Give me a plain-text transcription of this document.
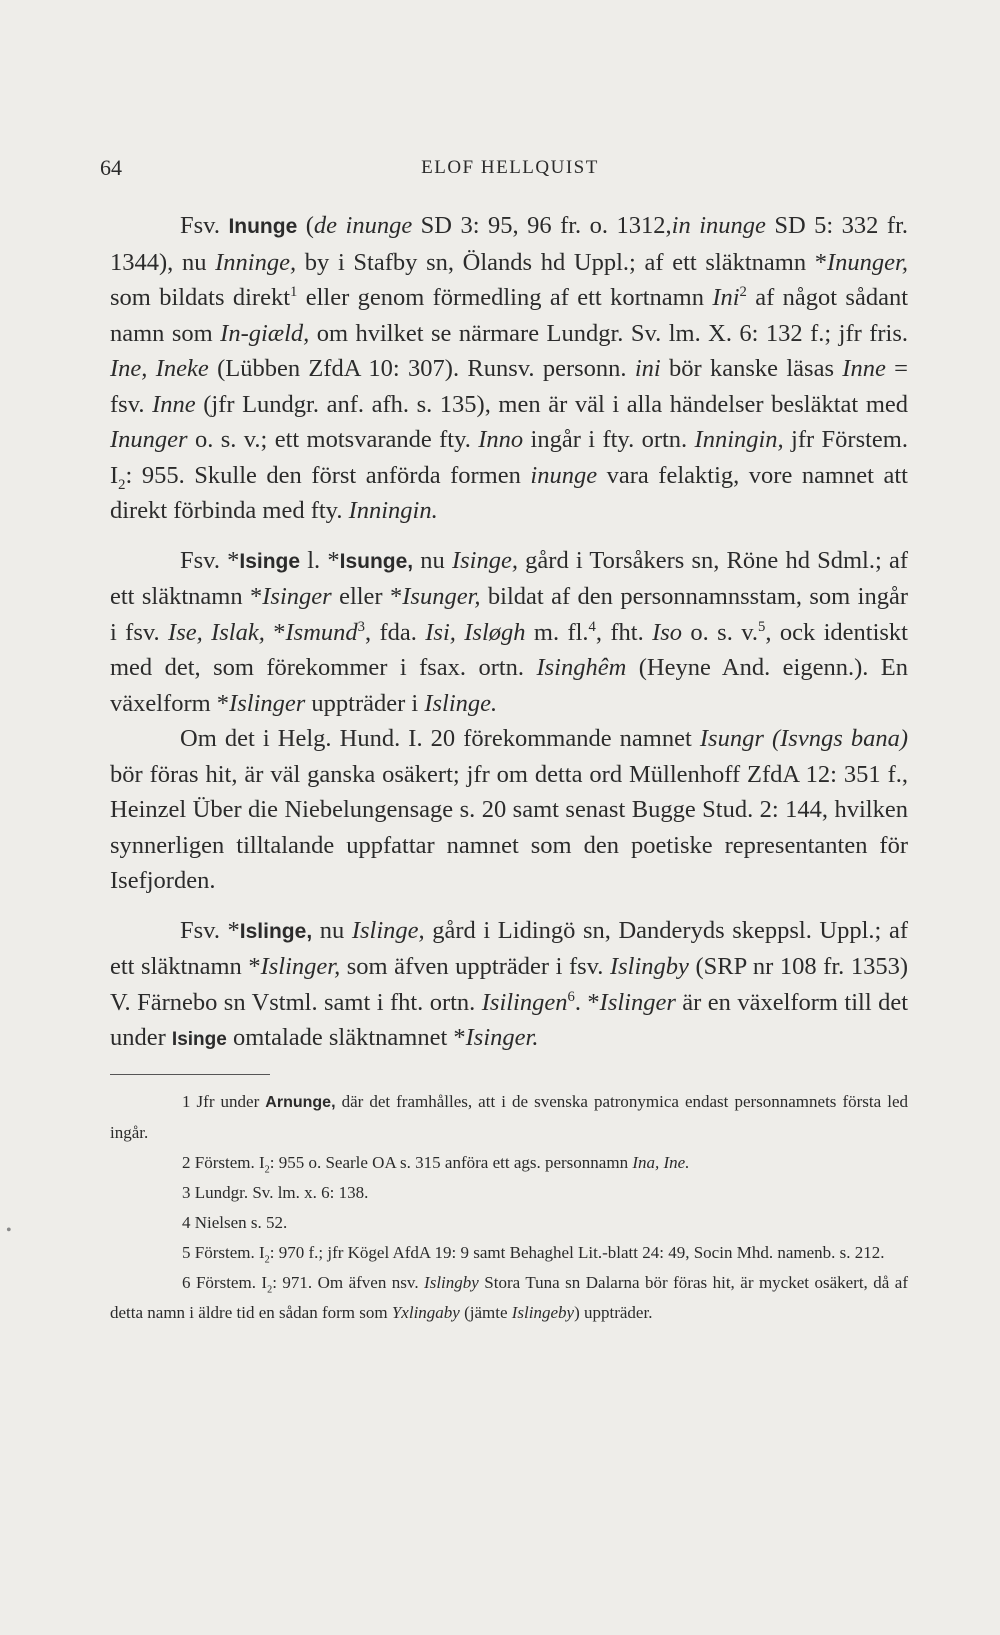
64	ELOF HELLQUIST
•

Fsv. Inunge (de inunge SD 3: 95, 96 fr. o. 1312,in inunge SD 5: 332 fr. 1344), nu Inninge, by i Stafby sn, Ölands hd Uppl.; af ett släktnamn *Inunger, som bildats direkt$^1$ eller genom förmedling af ett kortnamn Ini$^2$ af något sådant namn som In-giæld, om hvilket se närmare Lundgr. Sv. lm. X. 6: 132 f.; jfr fris. Ine, Ineke (Lübben ZfdA 10: 307). Runsv. personn. ini bör kanske läsas Inne = fsv. Inne (jfr Lundgr. anf. afh. s. 135), men är väl i alla händelser besläktat med Inunger o. s. v.; ett motsvarande fty. Inno ingår i fty. ortn. Inningin, jfr Förstem. $I_2$: 955. Skulle den först anförda formen inunge vara felaktig, vore namnet att direkt förbinda med fty. Inningin.

Fsv. *Isinge l. *Isunge, nu Isinge, gård i Torsåkers sn, Röne hd Sdml.; af ett släktnamn *Isinger eller *Isunger, bildat af den personnamnsstam, som ingår i fsv. Ise, Islak, *Ismund$^3$, fda. Isi, Isløgh m. fl.$^4$, fht. Iso o. s. v.$^5$, ock identiskt med det, som förekommer i fsax. ortn. Isinghêm (Heyne And. eigenn.). En växelform *Islinger uppträder i Islinge.

Om det i Helg. Hund. I. 20 förekommande namnet Isungr (Isvngs bana) bör föras hit, är väl ganska osäkert; jfr om detta ord Müllenhoff ZfdA 12: 351 f., Heinzel Über die Niebelungensage s. 20 samt senast Bugge Stud. 2: 144, hvilken synnerligen tilltalande uppfattar namnet som den poetiske representanten för Isefjorden.

Fsv. *Islinge, nu Islinge, gård i Lidingö sn, Danderyds skeppsl. Uppl.; af ett släktnamn *Islinger, som äfven uppträder i fsv. Islingby (SRP nr 108 fr. 1353) V. Färnebo sn Vstml. samt i fht. ortn. Isilingen$^6$. *Islinger är en växelform till det under Isinge omtalade släktnamnet *Isinger.

1 Jfr under Arnunge, där det framhålles, att i de svenska patronymica endast personnamnets första led ingår.

2 Förstem. $I_2$: 955 o. Searle OA s. 315 anföra ett ags. personnamn Ina, Ine.

3 Lundgr. Sv. lm. x. 6: 138.

4 Nielsen s. 52.

5 Förstem. $I_2$: 970 f.; jfr Kögel AfdA 19: 9 samt Behaghel Lit.-blatt 24: 49, Socin Mhd. namenb. s. 212.

6 Förstem. $I_2$: 971. Om äfven nsv. Islingby Stora Tuna sn Dalarna bör föras hit, är mycket osäkert, då af detta namn i äldre tid en sådan form som Yxlingaby (jämte Islingeby) uppträder.
